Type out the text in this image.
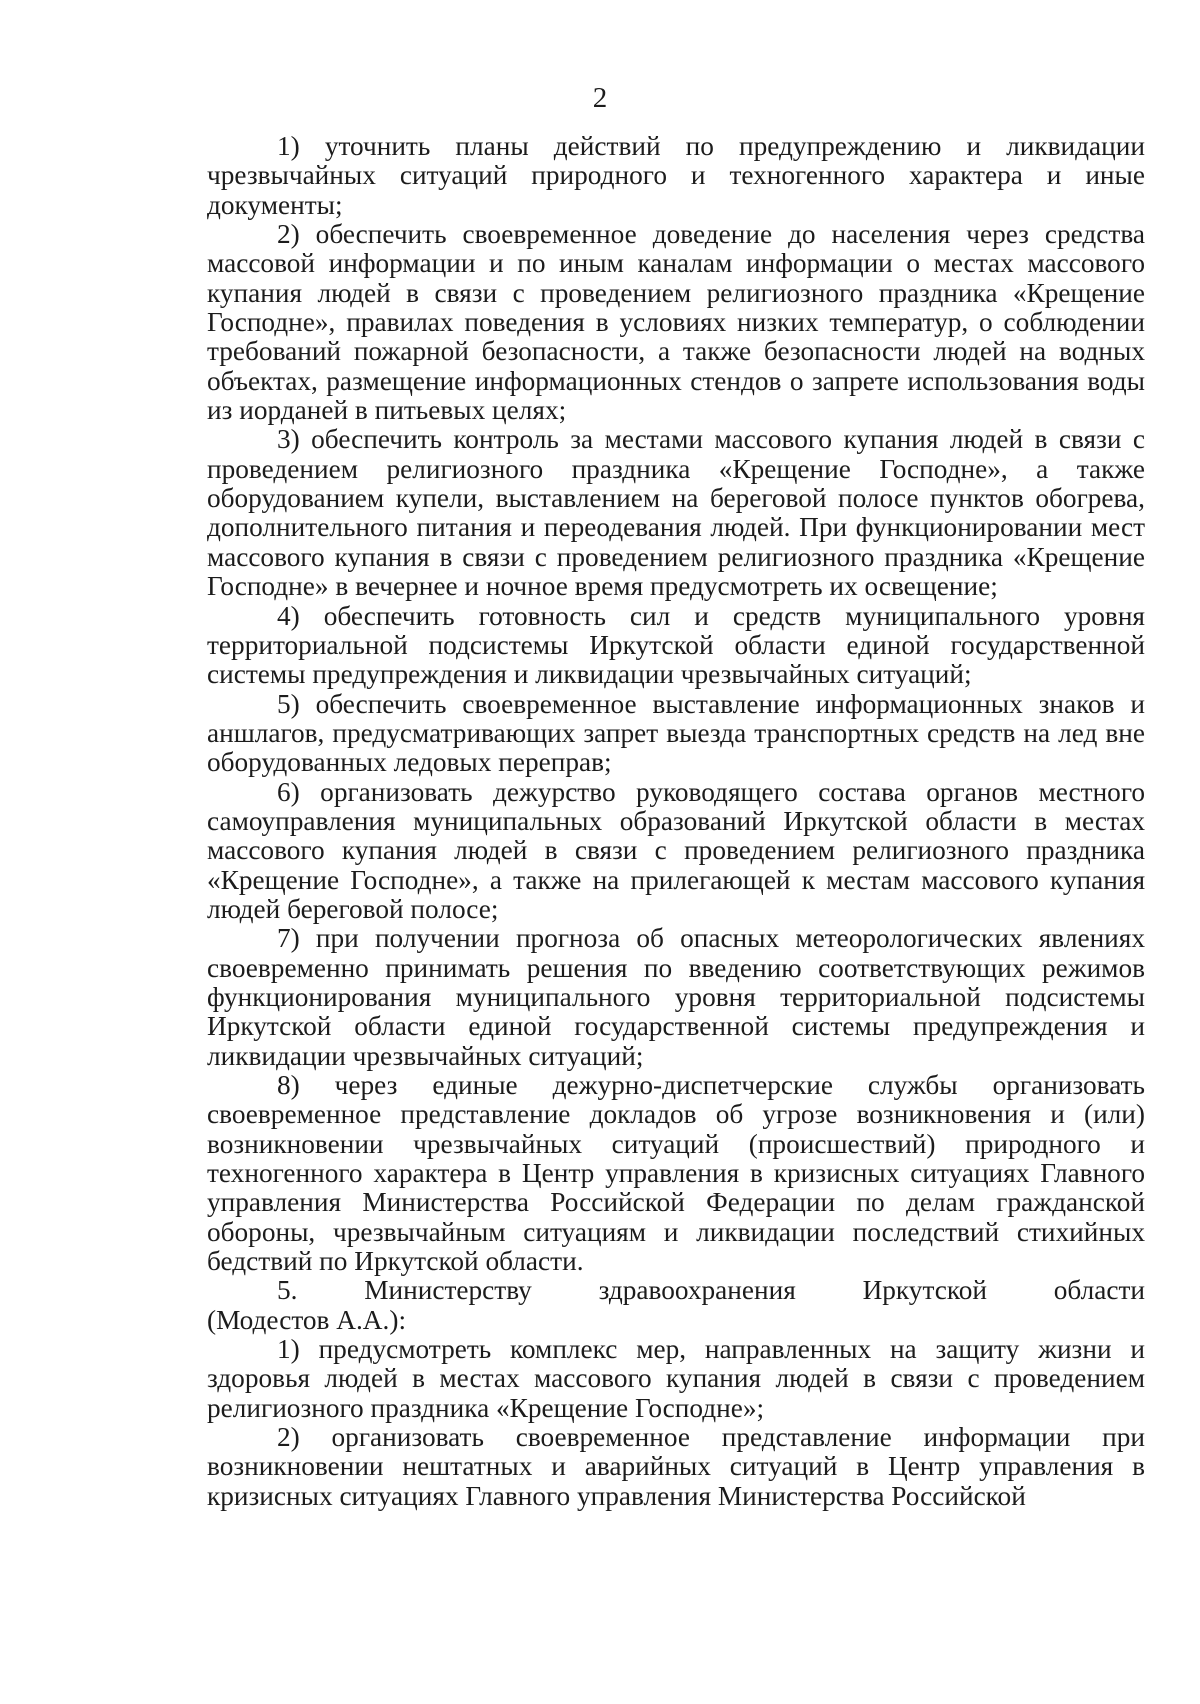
2

1) уточнить планы действий по предупреждению и ликвидации чрезвычайных ситуаций природного и техногенного характера и иные документы;

2) обеспечить своевременное доведение до населения через средства массовой информации и по иным каналам информации о местах массового купания людей в связи с проведением религиозного праздника «Крещение Господне», правилах поведения в условиях низких температур, о соблюдении требований пожарной безопасности, а также безопасности людей на водных объектах, размещение информационных стендов о запрете использования воды из иорданей в питьевых целях;

3) обеспечить контроль за местами массового купания людей в связи с проведением религиозного праздника «Крещение Господне», а также оборудованием купели, выставлением на береговой полосе пунктов обогрева, дополнительного питания и переодевания людей. При функционировании мест массового купания в связи с проведением религиозного праздника «Крещение Господне» в вечернее и ночное время предусмотреть их освещение;

4) обеспечить готовность сил и средств муниципального уровня территориальной подсистемы Иркутской области единой государственной системы предупреждения и ликвидации чрезвычайных ситуаций;

5) обеспечить своевременное выставление информационных знаков и аншлагов, предусматривающих запрет выезда транспортных средств на лед вне оборудованных ледовых переправ;

6) организовать дежурство руководящего состава органов местного самоуправления муниципальных образований Иркутской области в местах массового купания людей в связи с проведением религиозного праздника «Крещение Господне», а также на прилегающей к местам массового купания людей береговой полосе;

7) при получении прогноза об опасных метеорологических явлениях своевременно принимать решения по введению соответствующих режимов функционирования муниципального уровня территориальной подсистемы Иркутской области единой государственной системы предупреждения и ликвидации чрезвычайных ситуаций;

8) через единые дежурно-диспетчерские службы организовать своевременное представление докладов об угрозе возникновения и (или) возникновении чрезвычайных ситуаций (происшествий) природного и техногенного характера в Центр управления в кризисных ситуациях Главного управления Министерства Российской Федерации по делам гражданской обороны, чрезвычайным ситуациям и ликвидации последствий стихийных бедствий по Иркутской области.

5. Министерству здравоохранения Иркутской области

(Модестов А.А.):

1) предусмотреть комплекс мер, направленных на защиту жизни и здоровья людей в местах массового купания людей в связи с проведением религиозного праздника «Крещение Господне»;

2) организовать своевременное представление информации при возникновении нештатных и аварийных ситуаций в Центр управления в кризисных ситуациях Главного управления Министерства Российской
